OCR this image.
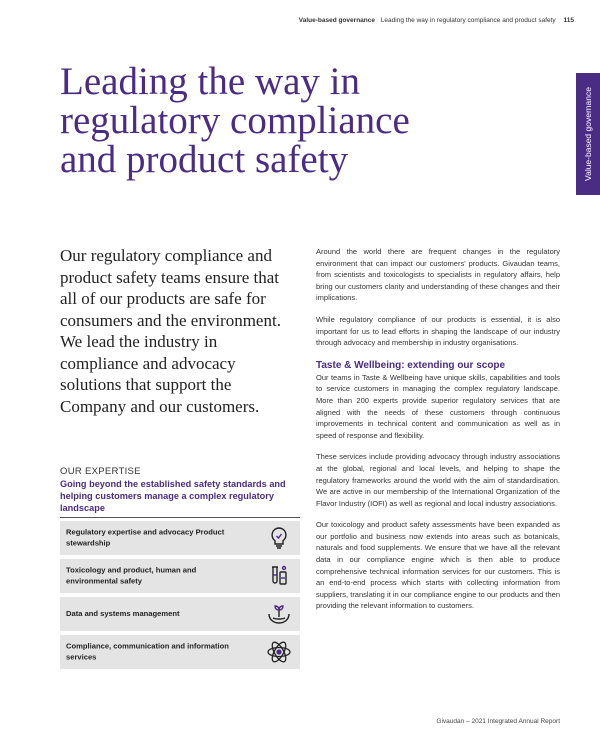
Value-based governance Leading the way in regulatory compliance and product safety 115
Value-based governance
Leading the way in regulatory compliance and product safety

Our regulatory compliance and product safety teams ensure that all of our products are safe for consumers and the environment. We lead the industry in compliance and advocacy solutions that support the Company and our customers.

OUR EXPERTISE

Going beyond the established safety standards and helping customers manage a complex regulatory landscape

Regulatory expertise and advocacy Product stewardship
Toxicology and product, human and environmental safety
Data and systems management
Compliance, communication and information services

Around the world there are frequent changes in the regulatory environment that can impact our customers' products. Givaudan teams, from scientists and toxicologists to specialists in regulatory affairs, help bring our customers clarity and understanding of these changes and their implications.

While regulatory compliance of our products is essential, it is also important for us to lead efforts in shaping the landscape of our industry through advocacy and membership in industry organisations.

Taste & Wellbeing: extending our scope

Our teams in Taste & Wellbeing have unique skills, capabilities and tools to service customers in managing the complex regulatory landscape. More than 200 experts provide superior regulatory services that are aligned with the needs of these customers through continuous improvements in technical content and communication as well as in speed of response and flexibility.

These services include providing advocacy through industry associations at the global, regional and local levels, and helping to shape the regulatory frameworks around the world with the aim of standardisation. We are active in our membership of the International Organization of the Flavor Industry (IOFI) as well as regional and local industry associations.

Our toxicology and product safety assessments have been expanded as our portfolio and business now extends into areas such as botanicals, naturals and food supplements. We ensure that we have all the relevant data in our compliance engine which is then able to produce comprehensive technical information services for our customers. This is an end-to-end process which starts with collecting information from suppliers, translating it in our compliance engine to our products and then providing the relevant information to customers.

Givaudan – 2021 Integrated Annual Report
